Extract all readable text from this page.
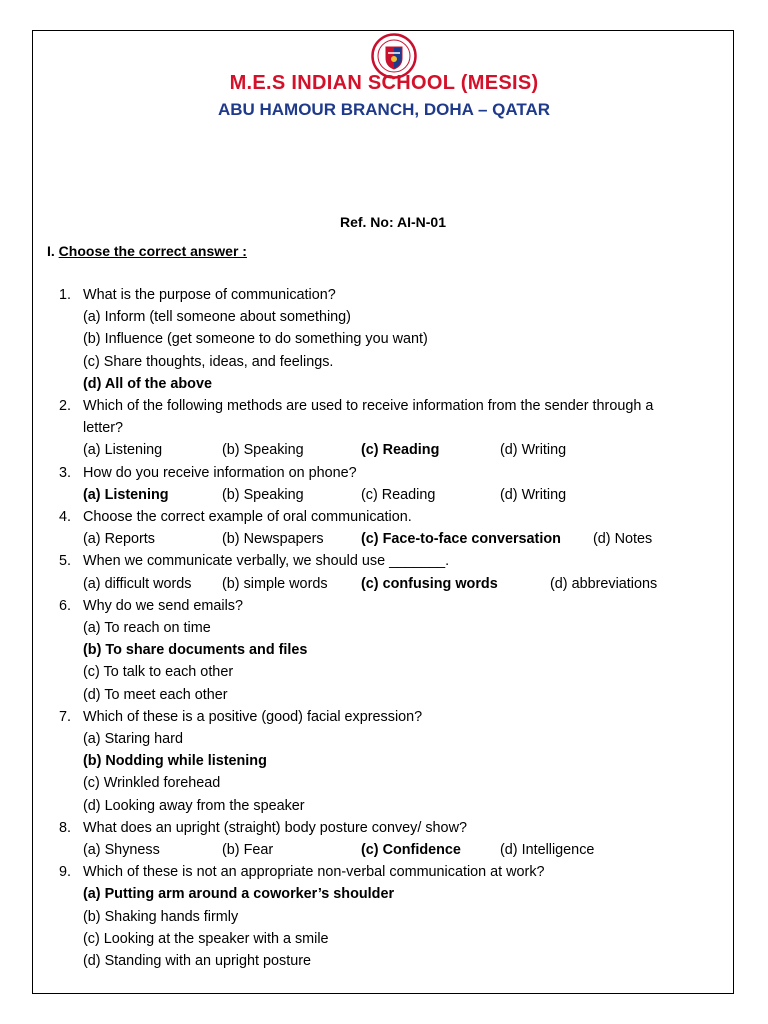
M.E.S INDIAN SCHOOL (MESIS)
ABU HAMOUR BRANCH, DOHA – QATAR
Ref. No: AI-N-01
I. Choose the correct answer :
1. What is the purpose of communication?
(a) Inform (tell someone about something)
(b) Influence (get someone to do something you want)
(c) Share thoughts, ideas, and feelings.
(d) All of the above
2. Which of the following methods are used to receive information from the sender through a
letter?
(a) Listening	(b) Speaking	(c) Reading	(d) Writing
3. How do you receive information on phone?
(a) Listening	(b) Speaking	(c) Reading	(d) Writing
4. Choose the correct example of oral communication.
(a) Reports	(b) Newspapers	(c) Face-to-face conversation	(d) Notes
5. When we communicate verbally, we should use _______.
(a) difficult words	(b) simple words	(c) confusing words	(d) abbreviations
6. Why do we send emails?
(a) To reach on time
(b) To share documents and files
(c) To talk to each other
(d) To meet each other
7. Which of these is a positive (good) facial expression?
(a) Staring hard
(b) Nodding while listening
(c) Wrinkled forehead
(d) Looking away from the speaker
8. What does an upright (straight) body posture convey/ show?
(a) Shyness	(b) Fear	(c) Confidence	(d) Intelligence
9. Which of these is not an appropriate non-verbal communication at work?
(a) Putting arm around a coworker’s shoulder
(b) Shaking hands firmly
(c) Looking at the speaker with a smile
(d) Standing with an upright posture
